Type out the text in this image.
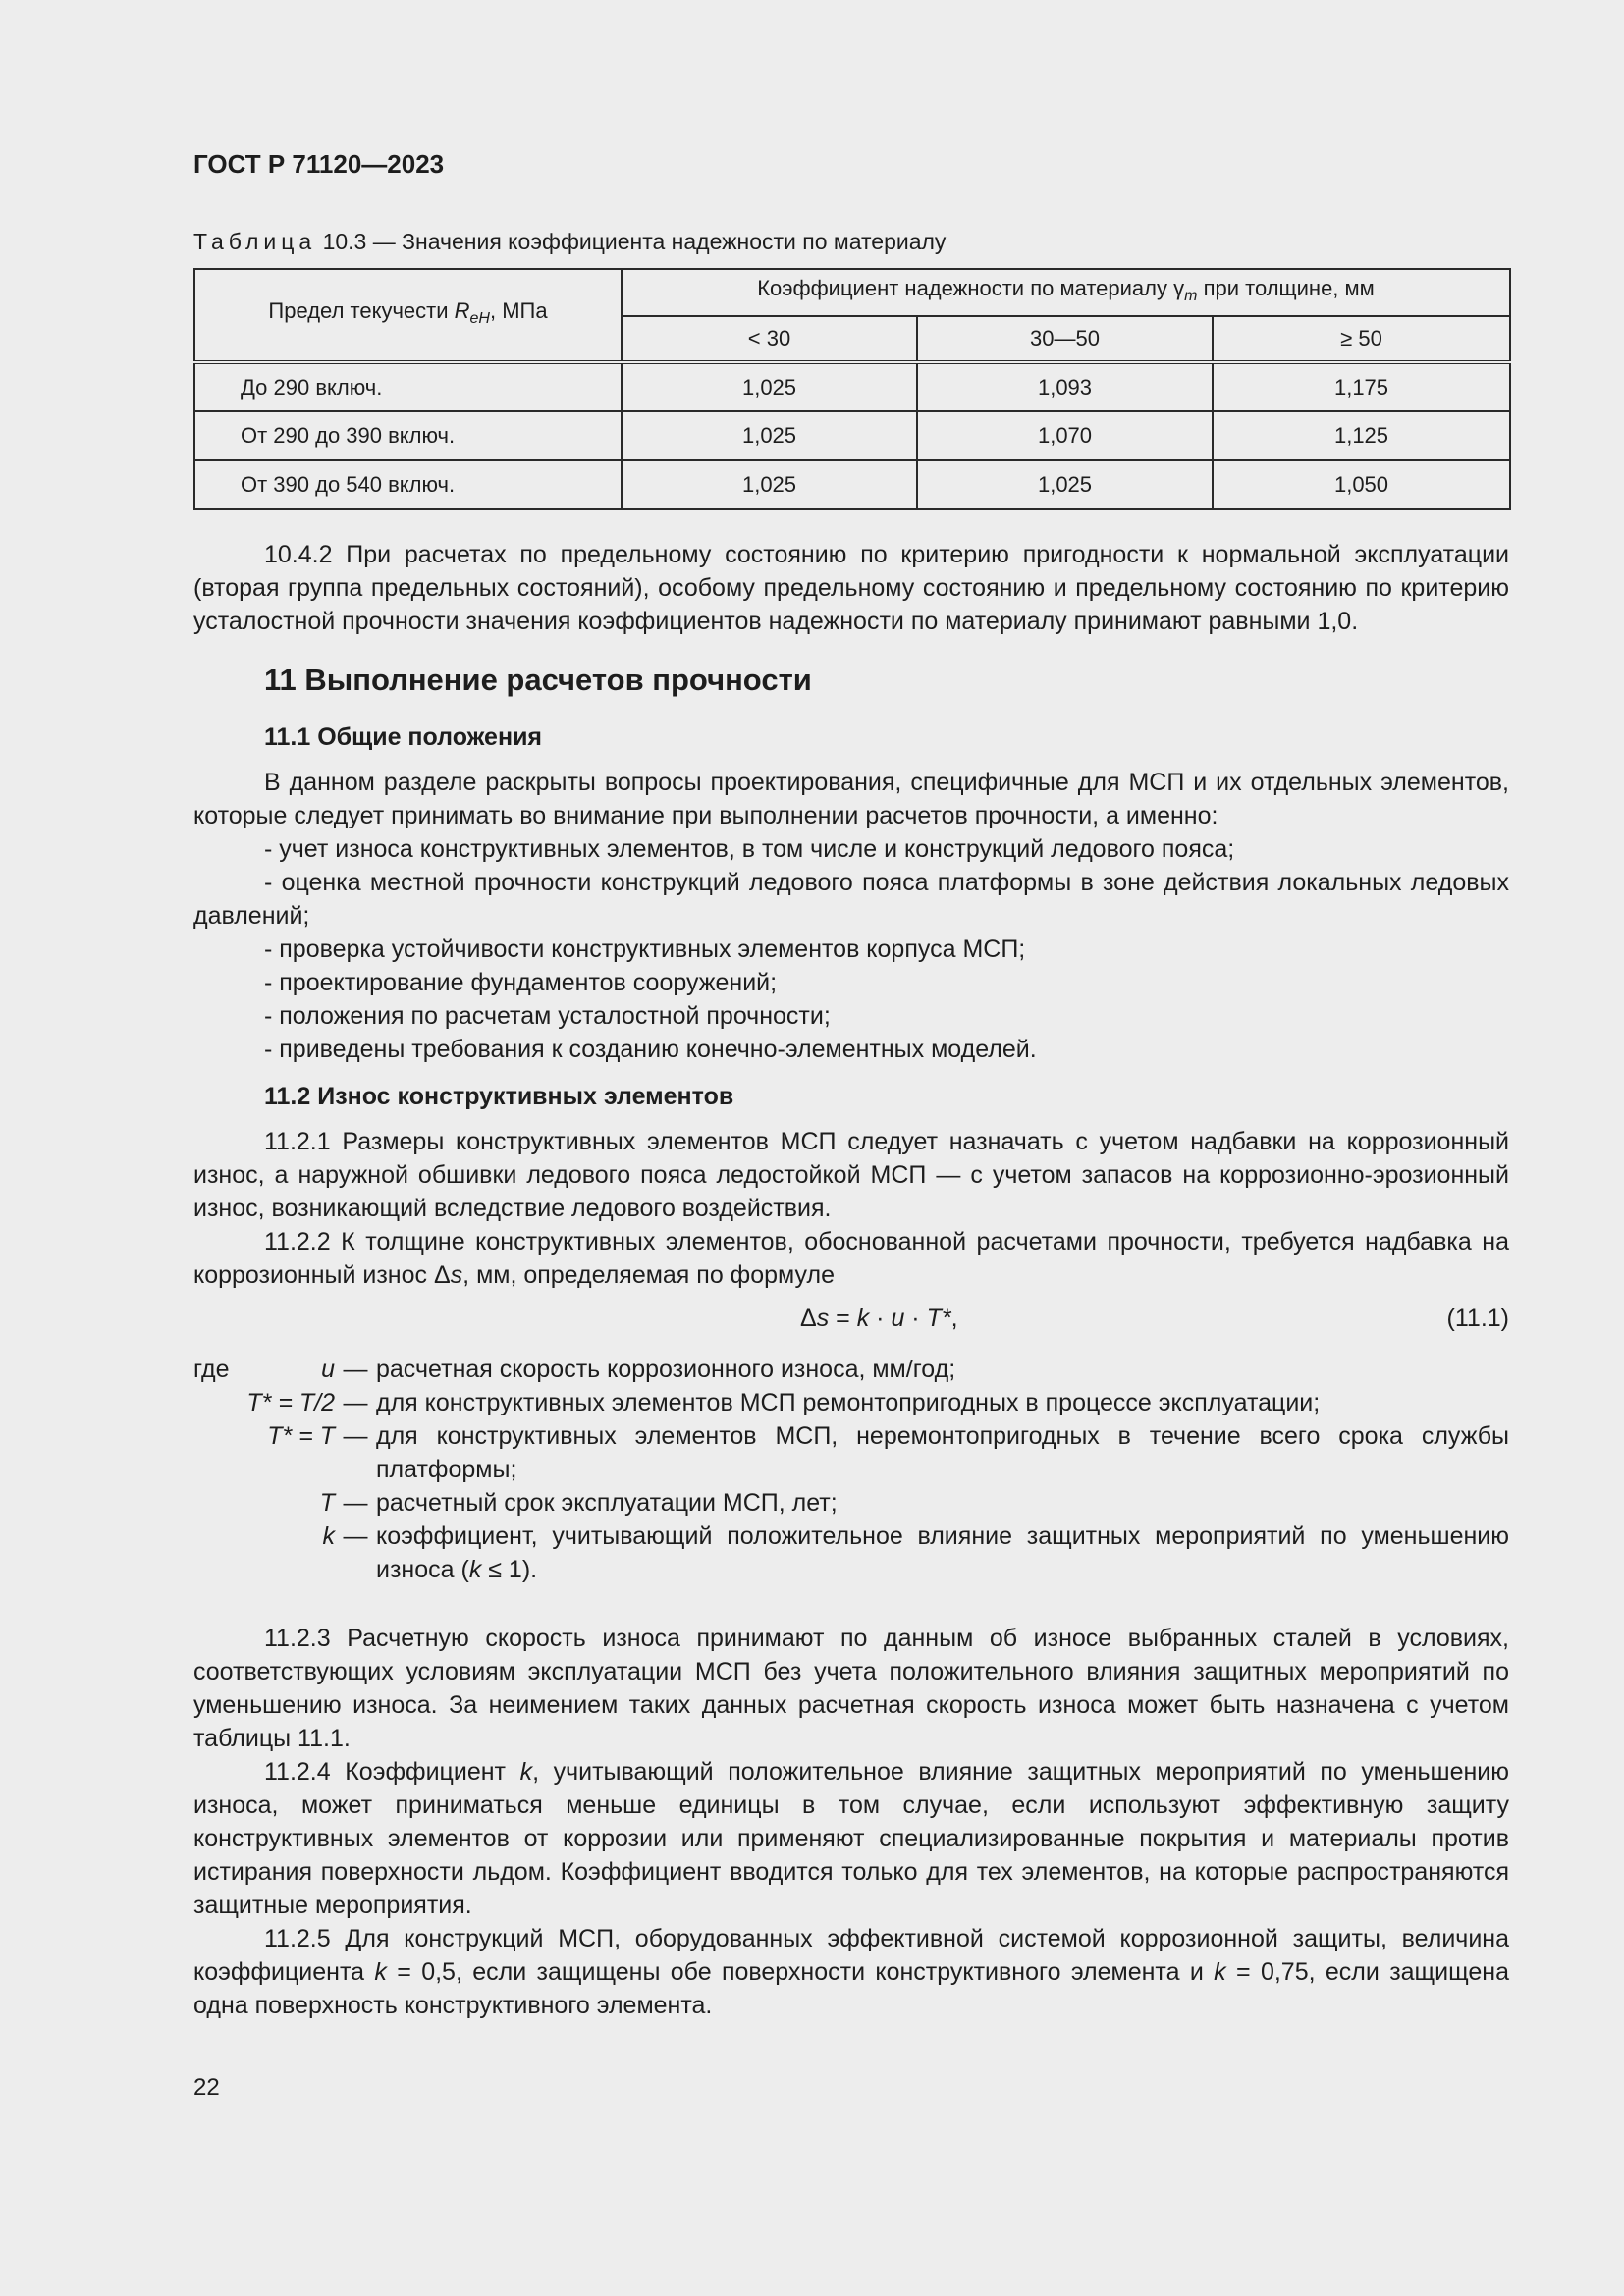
ГОСТ Р 71120—2023
Таблица 10.3 — Значения коэффициента надежности по материалу
Предел текучести $R_{eH}$, МПа	Коэффициент надежности по материалу $\gamma_m$ при толщине, мм		
	< 30	30—50	≥ 50
До 290 включ.	1,025	1,093	1,175
От 290 до 390 включ.	1,025	1,070	1,125
От 390 до 540 включ.	1,025	1,025	1,050

10.4.2 При расчетах по предельному состоянию по критерию пригодности к нормальной эксплуатации (вторая группа предельных состояний), особому предельному состоянию и предельному состоянию по критерию усталостной прочности значения коэффициентов надежности по материалу принимают равными 1,0.

11 Выполнение расчетов прочности
11.1 Общие положения

В данном разделе раскрыты вопросы проектирования, специфичные для МСП и их отдельных элементов, которые следует принимать во внимание при выполнении расчетов прочности, а именно:

- учет износа конструктивных элементов, в том числе и конструкций ледового пояса;

- оценка местной прочности конструкций ледового пояса платформы в зоне действия локальных ледовых давлений;

- проверка устойчивости конструктивных элементов корпуса МСП;

- проектирование фундаментов сооружений;

- положения по расчетам усталостной прочности;

- приведены требования к созданию конечно-элементных моделей.

11.2 Износ конструктивных элементов

11.2.1 Размеры конструктивных элементов МСП следует назначать с учетом надбавки на коррозионный износ, а наружной обшивки ледового пояса ледостойкой МСП — с учетом запасов на коррозионно-эрозионный износ, возникающий вследствие ледового воздействия.

11.2.2 К толщине конструктивных элементов, обоснованной расчетами прочности, требуется надбавка на коррозионный износ Δs, мм, определяемая по формуле

Δs = k · u · T*,	(11.1)
где	u — расчетная скорость коррозионного износа, мм/год;
T* = T/2 — для конструктивных элементов МСП ремонтопригодных в процессе эксплуатации;
T* = T — для конструктивных элементов МСП, неремонтопригодных в течение всего срока службы платформы;
T — расчетный срок эксплуатации МСП, лет;
k — коэффициент, учитывающий положительное влияние защитных мероприятий по уменьшению износа (k ≤ 1).

11.2.3 Расчетную скорость износа принимают по данным об износе выбранных сталей в условиях, соответствующих условиям эксплуатации МСП без учета положительного влияния защитных мероприятий по уменьшению износа. За неимением таких данных расчетная скорость износа может быть назначена с учетом таблицы 11.1.

11.2.4 Коэффициент k, учитывающий положительное влияние защитных мероприятий по уменьшению износа, может приниматься меньше единицы в том случае, если используют эффективную защиту конструктивных элементов от коррозии или применяют специализированные покрытия и материалы против истирания поверхности льдом. Коэффициент вводится только для тех элементов, на которые распространяются защитные мероприятия.

11.2.5 Для конструкций МСП, оборудованных эффективной системой коррозионной защиты, величина коэффициента k = 0,5, если защищены обе поверхности конструктивного элемента и k = 0,75, если защищена одна поверхность конструктивного элемента.

22
